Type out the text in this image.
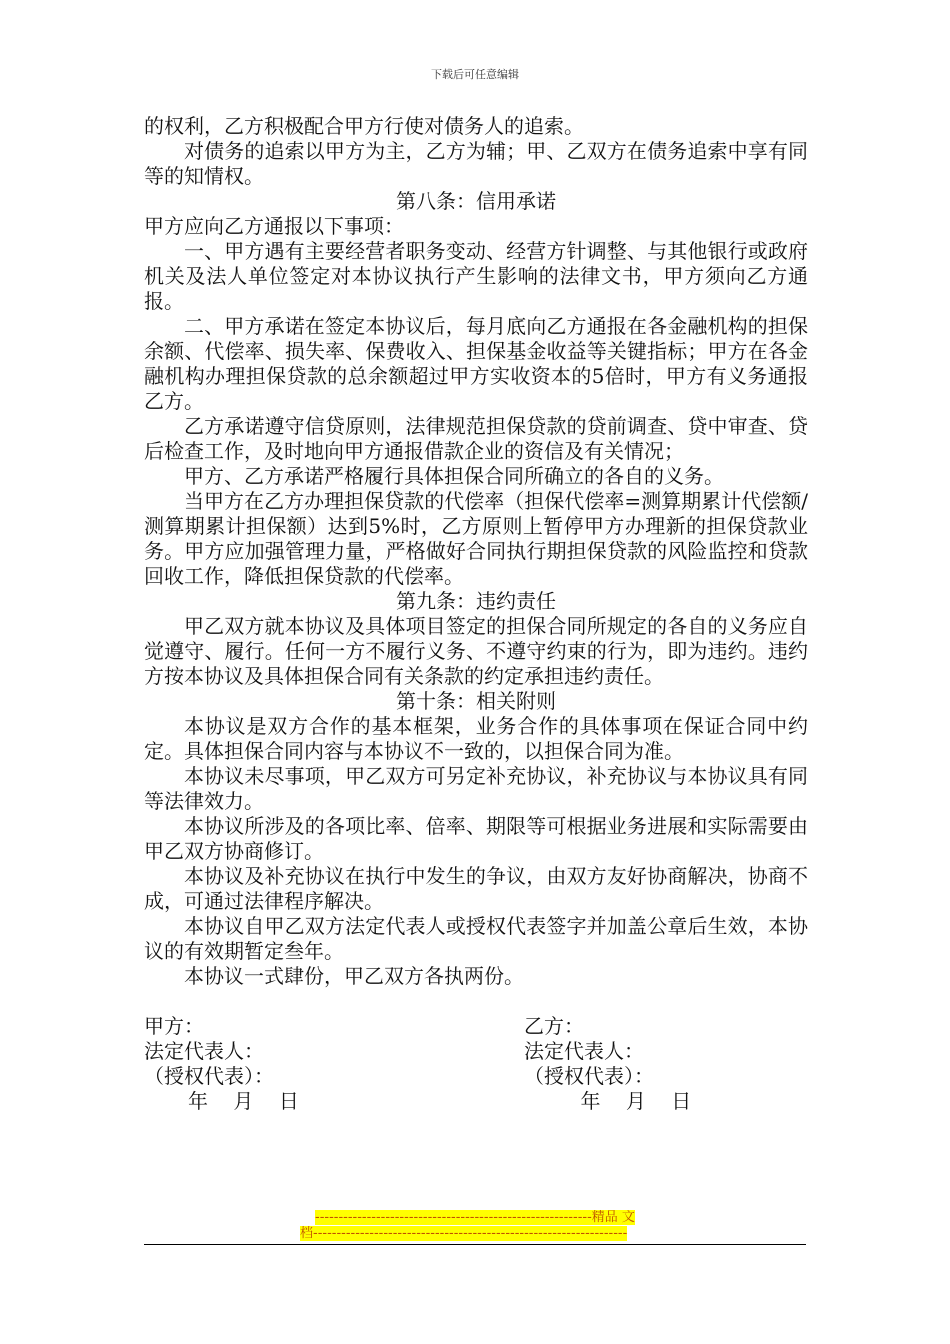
下载后可任意编辑

的权利，乙方积极配合甲方行使对债务人的追索。

对债务的追索以甲方为主，乙方为辅；甲、乙双方在债务追索中享有同等的知情权。

第八条：信用承诺

甲方应向乙方通报以下事项：

一、甲方遇有主要经营者职务变动、经营方针调整、与其他银行或政府机关及法人单位签定对本协议执行产生影响的法律文书，甲方须向乙方通报。

二、甲方承诺在签定本协议后，每月底向乙方通报在各金融机构的担保余额、代偿率、损失率、保费收入、担保基金收益等关键指标；甲方在各金融机构办理担保贷款的总余额超过甲方实收资本的5倍时，甲方有义务通报乙方。

乙方承诺遵守信贷原则，法律规范担保贷款的贷前调查、贷中审查、贷后检查工作，及时地向甲方通报借款企业的资信及有关情况；

甲方、乙方承诺严格履行具体担保合同所确立的各自的义务。

当甲方在乙方办理担保贷款的代偿率（担保代偿率=测算期累计代偿额/测算期累计担保额）达到5%时，乙方原则上暂停甲方办理新的担保贷款业务。甲方应加强管理力量，严格做好合同执行期担保贷款的风险监控和贷款回收工作，降低担保贷款的代偿率。

第九条：违约责任

甲乙双方就本协议及具体项目签定的担保合同所规定的各自的义务应自觉遵守、履行。任何一方不履行义务、不遵守约束的行为，即为违约。违约方按本协议及具体担保合同有关条款的约定承担违约责任。

第十条：相关附则

本协议是双方合作的基本框架，业务合作的具体事项在保证合同中约定。具体担保合同内容与本协议不一致的，以担保合同为准。

本协议未尽事项，甲乙双方可另定补充协议，补充协议与本协议具有同等法律效力。

本协议所涉及的各项比率、倍率、期限等可根据业务进展和实际需要由甲乙双方协商修订。

本协议及补充协议在执行中发生的争议，由双方友好协商解决，协商不成，可通过法律程序解决。

本协议自甲乙双方法定代表人或授权代表签字并加盖公章后生效，本协议的有效期暂定叁年。

本协议一式肆份，甲乙双方各执两份。

甲方：	乙方：
法定代表人：	法定代表人：
（授权代表）：	（授权代表）：
年    月    日	年    月    日
-----------------------------------------------------------精品 文
档-------------------------------------------------------------------
